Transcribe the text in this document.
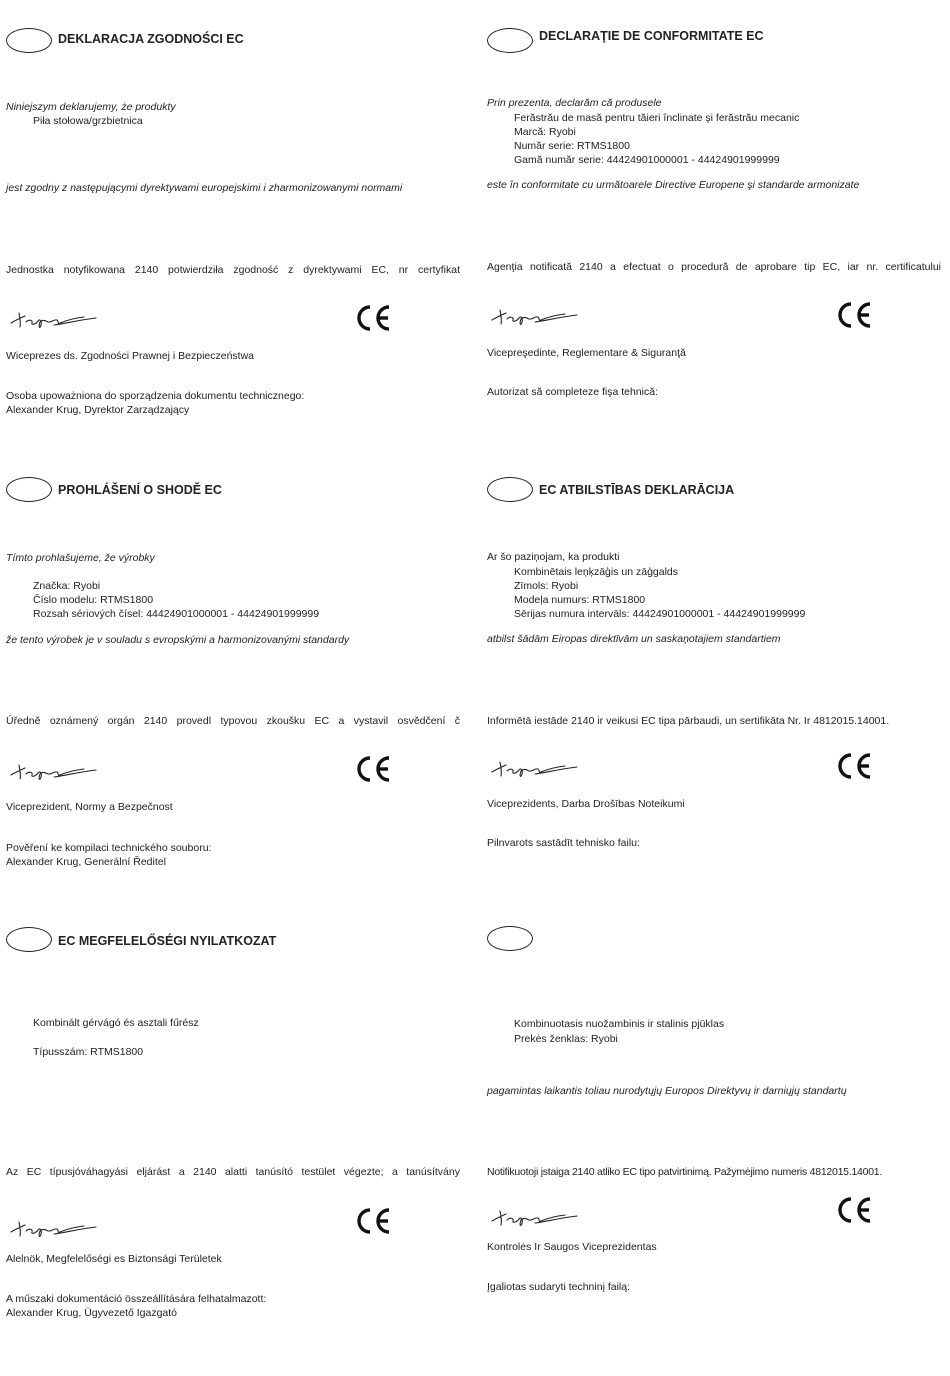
DEKLARACJA ZGODNOŚCI EC
Niniejszym deklarujemy, że produkty
Piła stołowa/grzbietnica
jest zgodny z następującymi dyrektywami europejskimi i zharmonizowanymi normami
Jednostka notyfikowana 2140 potwierdziła zgodność z dyrektywami EC, nr certyfikat
Wiceprezes ds. Zgodności Prawnej i Bezpieczeństwa
Osoba upoważniona do sporządzenia dokumentu technicznego:
Alexander Krug, Dyrektor Zarządzający
DECLARAŢIE DE CONFORMITATE EC
Prin prezenta, declarăm că produsele
Ferăstrău de masă pentru tăieri înclinate şi ferăstrău mecanic
Marcă: Ryobi
Număr serie: RTMS1800
Gamă număr serie: 44424901000001 - 44424901999999
este în conformitate cu următoarele Directive Europene şi standarde armonizate
Agenţia notificată 2140 a efectuat o procedură de aprobare tip EC, iar nr. certificatului
Vicepreşedinte, Reglementare & Siguranţă
Autorizat să completeze fişa tehnică:
PROHLÁŠENÍ O SHODĚ EC
Tímto prohlašujeme, že výrobky
Značka: Ryobi
Číslo modelu: RTMS1800
Rozsah sériových čísel: 44424901000001 - 44424901999999
že tento výrobek je v souladu s evropskými a harmonizovanými standardy
Úředně oznámený orgán 2140 provedl typovou zkoušku EC a vystavil osvědčení č
Viceprezident, Normy a Bezpečnost
Pověření ke kompilaci technického souboru:
Alexander Krug, Generální Ředitel
EC ATBILSTĪBAS DEKLARĀCIJA
Ar šo paziņojam, ka produkti
Kombinētais leņķzāģis un zāģgalds
Zīmols: Ryobi
Modeļa numurs: RTMS1800
Sērijas numura intervāls: 44424901000001 - 44424901999999
atbilst šādām Eiropas direktīvām un saskaņotajiem standartiem
Informētā iestāde 2140 ir veikusi EC tipa pārbaudi, un sertifikāta Nr. Ir 4812015.14001.
Viceprezidents, Darba Drošības Noteikumi
Pilnvarots sastādīt tehnisko failu:
EC MEGFELELŐSÉGI NYILATKOZAT
Kombinált gérvágó és asztali fűrész
Típusszám: RTMS1800
Az EC típusjóváhagyási eljárást a 2140 alatti tanúsító testület végezte; a tanúsítvány
Alelnök, Megfelelőségi es Biztonsági Területek
A műszaki dokumentáció összeállítására felhatalmazott:
Alexander Krug, Ügyvezető Igazgató
Kombinuotasis nuožambinis ir stalinis pjūklas
Prekės ženklas: Ryobi
pagamintas laikantis toliau nurodytųjų Europos Direktyvų ir darniųjų standartų
Notifikuotoji įstaiga 2140 atliko EC tipo patvirtinimą. Pažymėjimo numeris 4812015.14001.
Kontrolės Ir Saugos Viceprezidentas
Įgaliotas sudaryti techninį failą:
